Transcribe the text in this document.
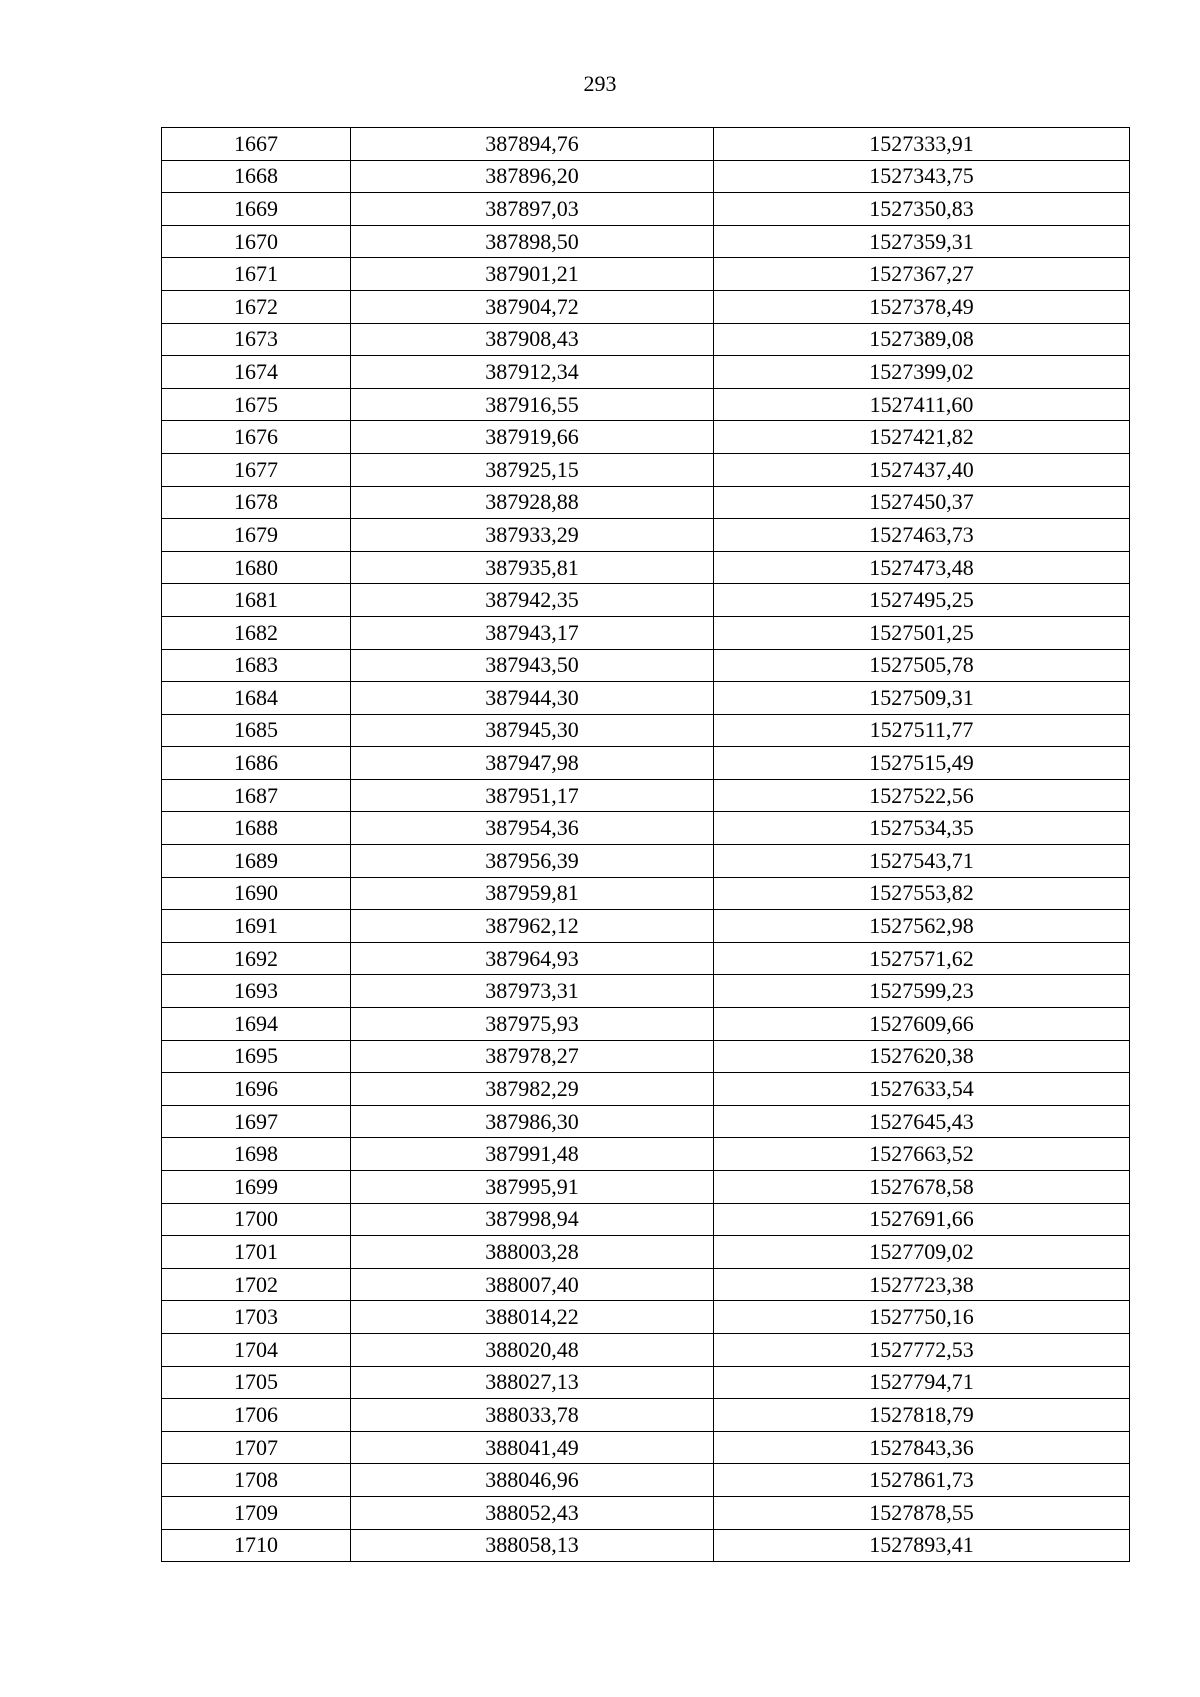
293
1667	387894,76	1527333,91
1668	387896,20	1527343,75
1669	387897,03	1527350,83
1670	387898,50	1527359,31
1671	387901,21	1527367,27
1672	387904,72	1527378,49
1673	387908,43	1527389,08
1674	387912,34	1527399,02
1675	387916,55	1527411,60
1676	387919,66	1527421,82
1677	387925,15	1527437,40
1678	387928,88	1527450,37
1679	387933,29	1527463,73
1680	387935,81	1527473,48
1681	387942,35	1527495,25
1682	387943,17	1527501,25
1683	387943,50	1527505,78
1684	387944,30	1527509,31
1685	387945,30	1527511,77
1686	387947,98	1527515,49
1687	387951,17	1527522,56
1688	387954,36	1527534,35
1689	387956,39	1527543,71
1690	387959,81	1527553,82
1691	387962,12	1527562,98
1692	387964,93	1527571,62
1693	387973,31	1527599,23
1694	387975,93	1527609,66
1695	387978,27	1527620,38
1696	387982,29	1527633,54
1697	387986,30	1527645,43
1698	387991,48	1527663,52
1699	387995,91	1527678,58
1700	387998,94	1527691,66
1701	388003,28	1527709,02
1702	388007,40	1527723,38
1703	388014,22	1527750,16
1704	388020,48	1527772,53
1705	388027,13	1527794,71
1706	388033,78	1527818,79
1707	388041,49	1527843,36
1708	388046,96	1527861,73
1709	388052,43	1527878,55
1710	388058,13	1527893,41
